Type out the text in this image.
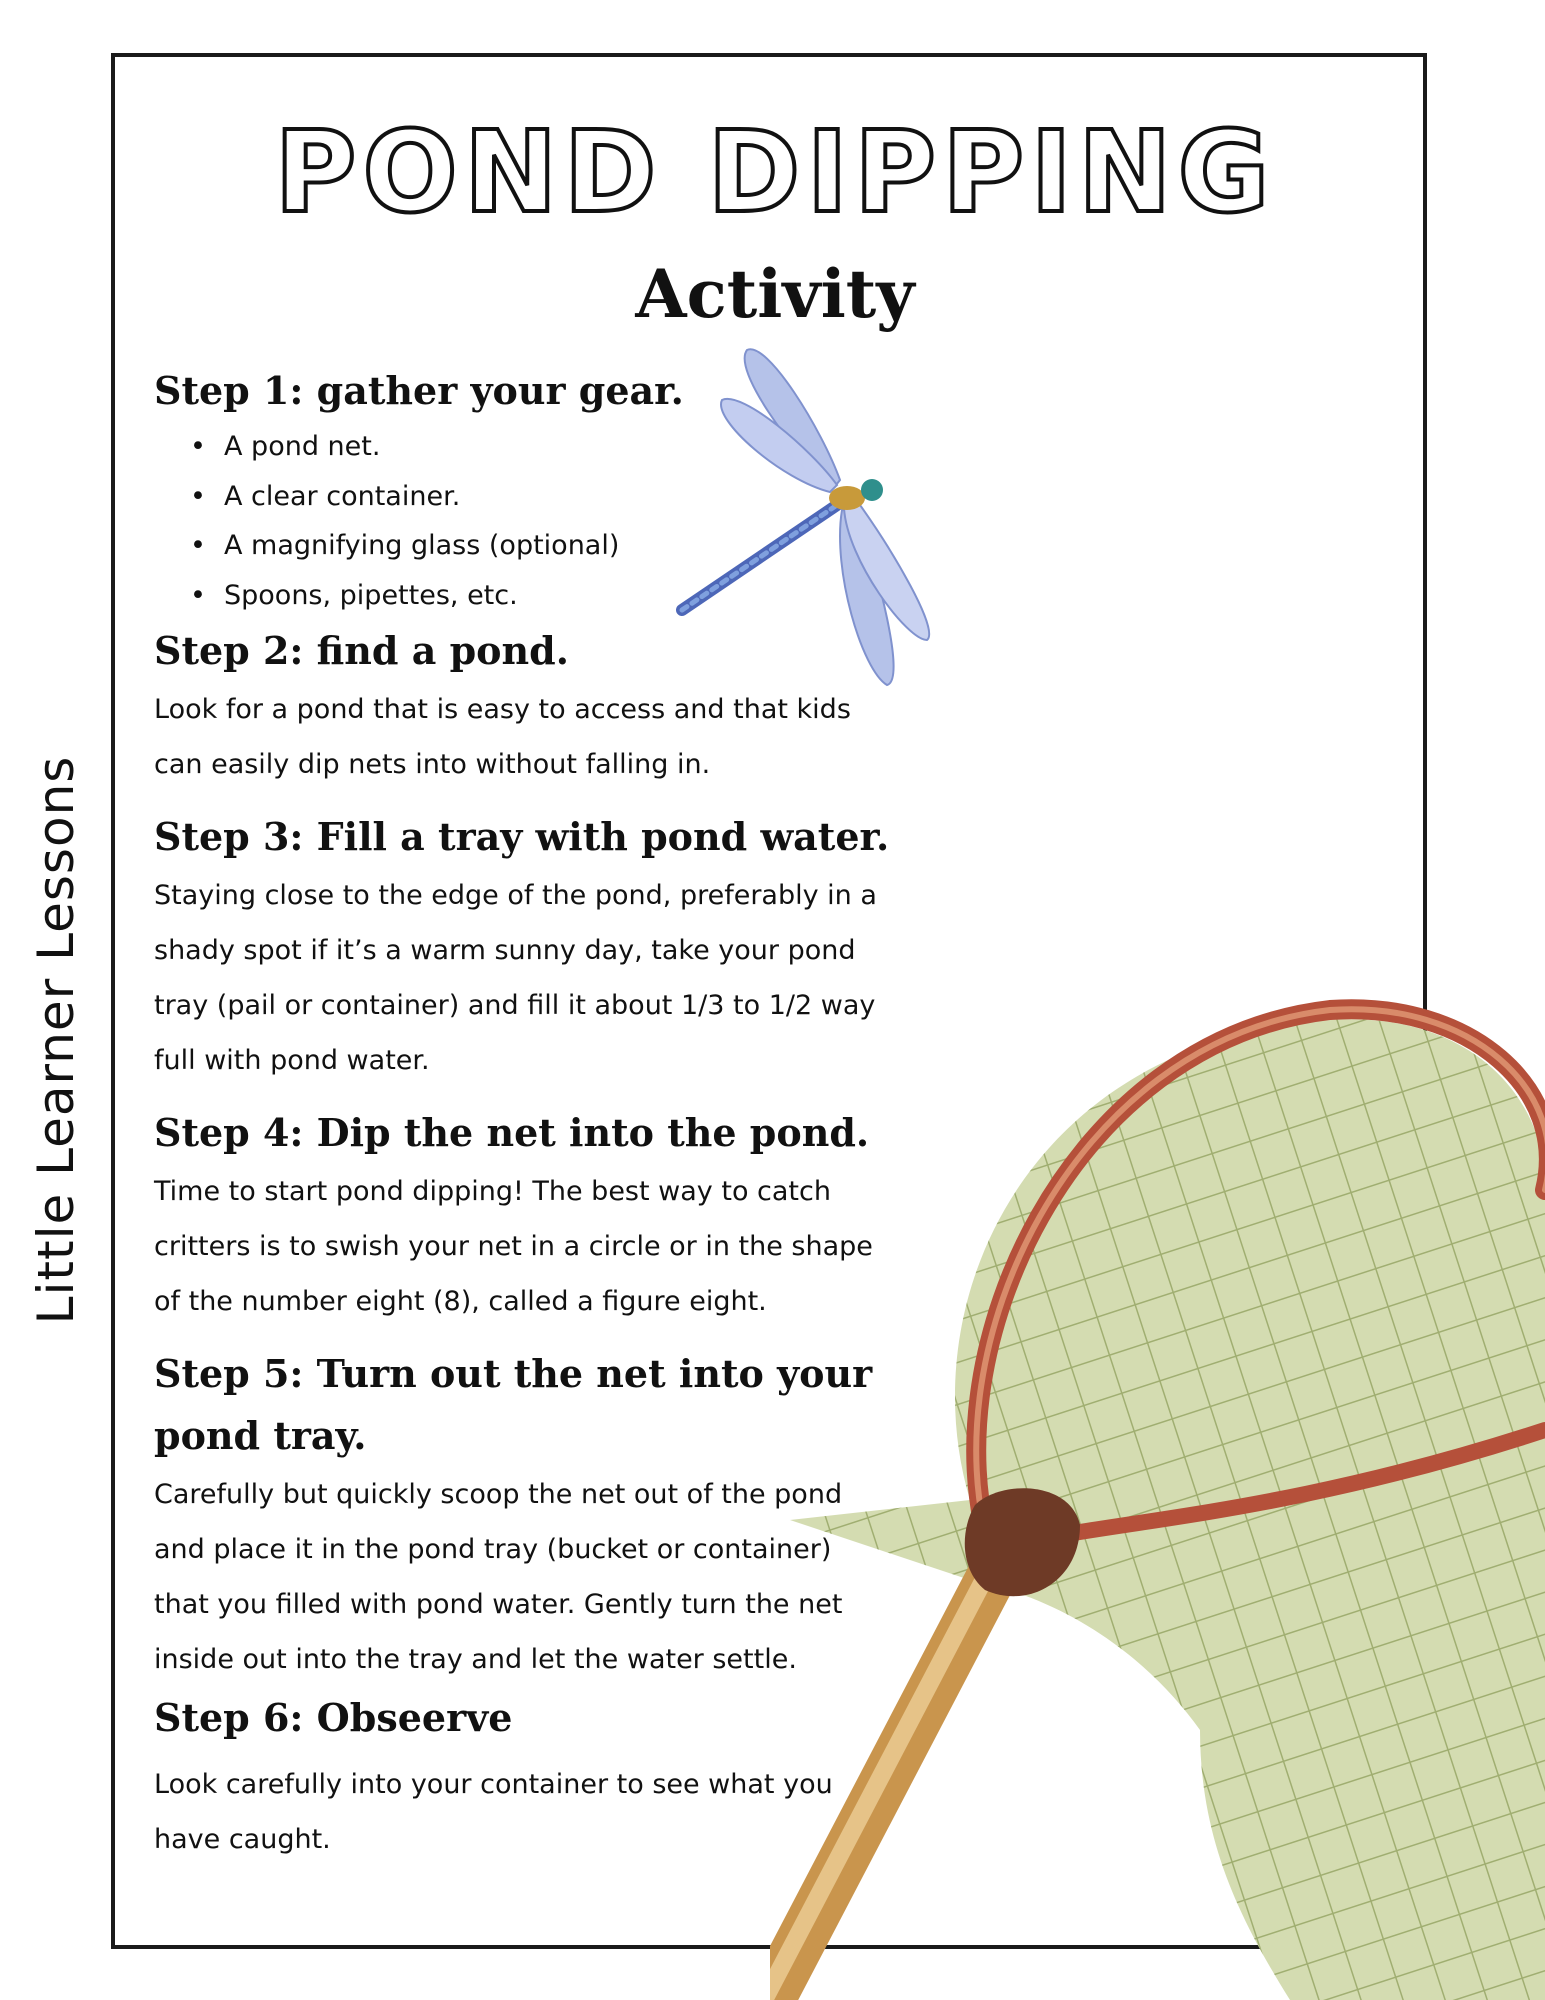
Little Learner Lessons
POND DIPPING
Activity
Step 1: gather your gear.
• A pond net.
• A clear container.
• A magnifying glass (optional)
• Spoons, pipettes, etc.
Step 2: find a pond.

Look for a pond that is easy to access and that kids can easily dip nets into without falling in.

Step 3: Fill a tray with pond water.

Staying close to the edge of the pond, preferably in a shady spot if it’s a warm sunny day, take your pond tray (pail or container) and fill it about 1/3 to 1/2 way full with pond water.

Step 4: Dip the net into the pond.

Time to start pond dipping! The best way to catch critters is to swish your net in a circle or in the shape of the number eight (8), called a figure eight.

Step 5: Turn out the net into your pond tray.

Carefully but quickly scoop the net out of the pond and place it in the pond tray (bucket or container) that you filled with pond water. Gently turn the net inside out into the tray and let the water settle.

Step 6: Obseerve

Look carefully into your container to see what you have caught.
